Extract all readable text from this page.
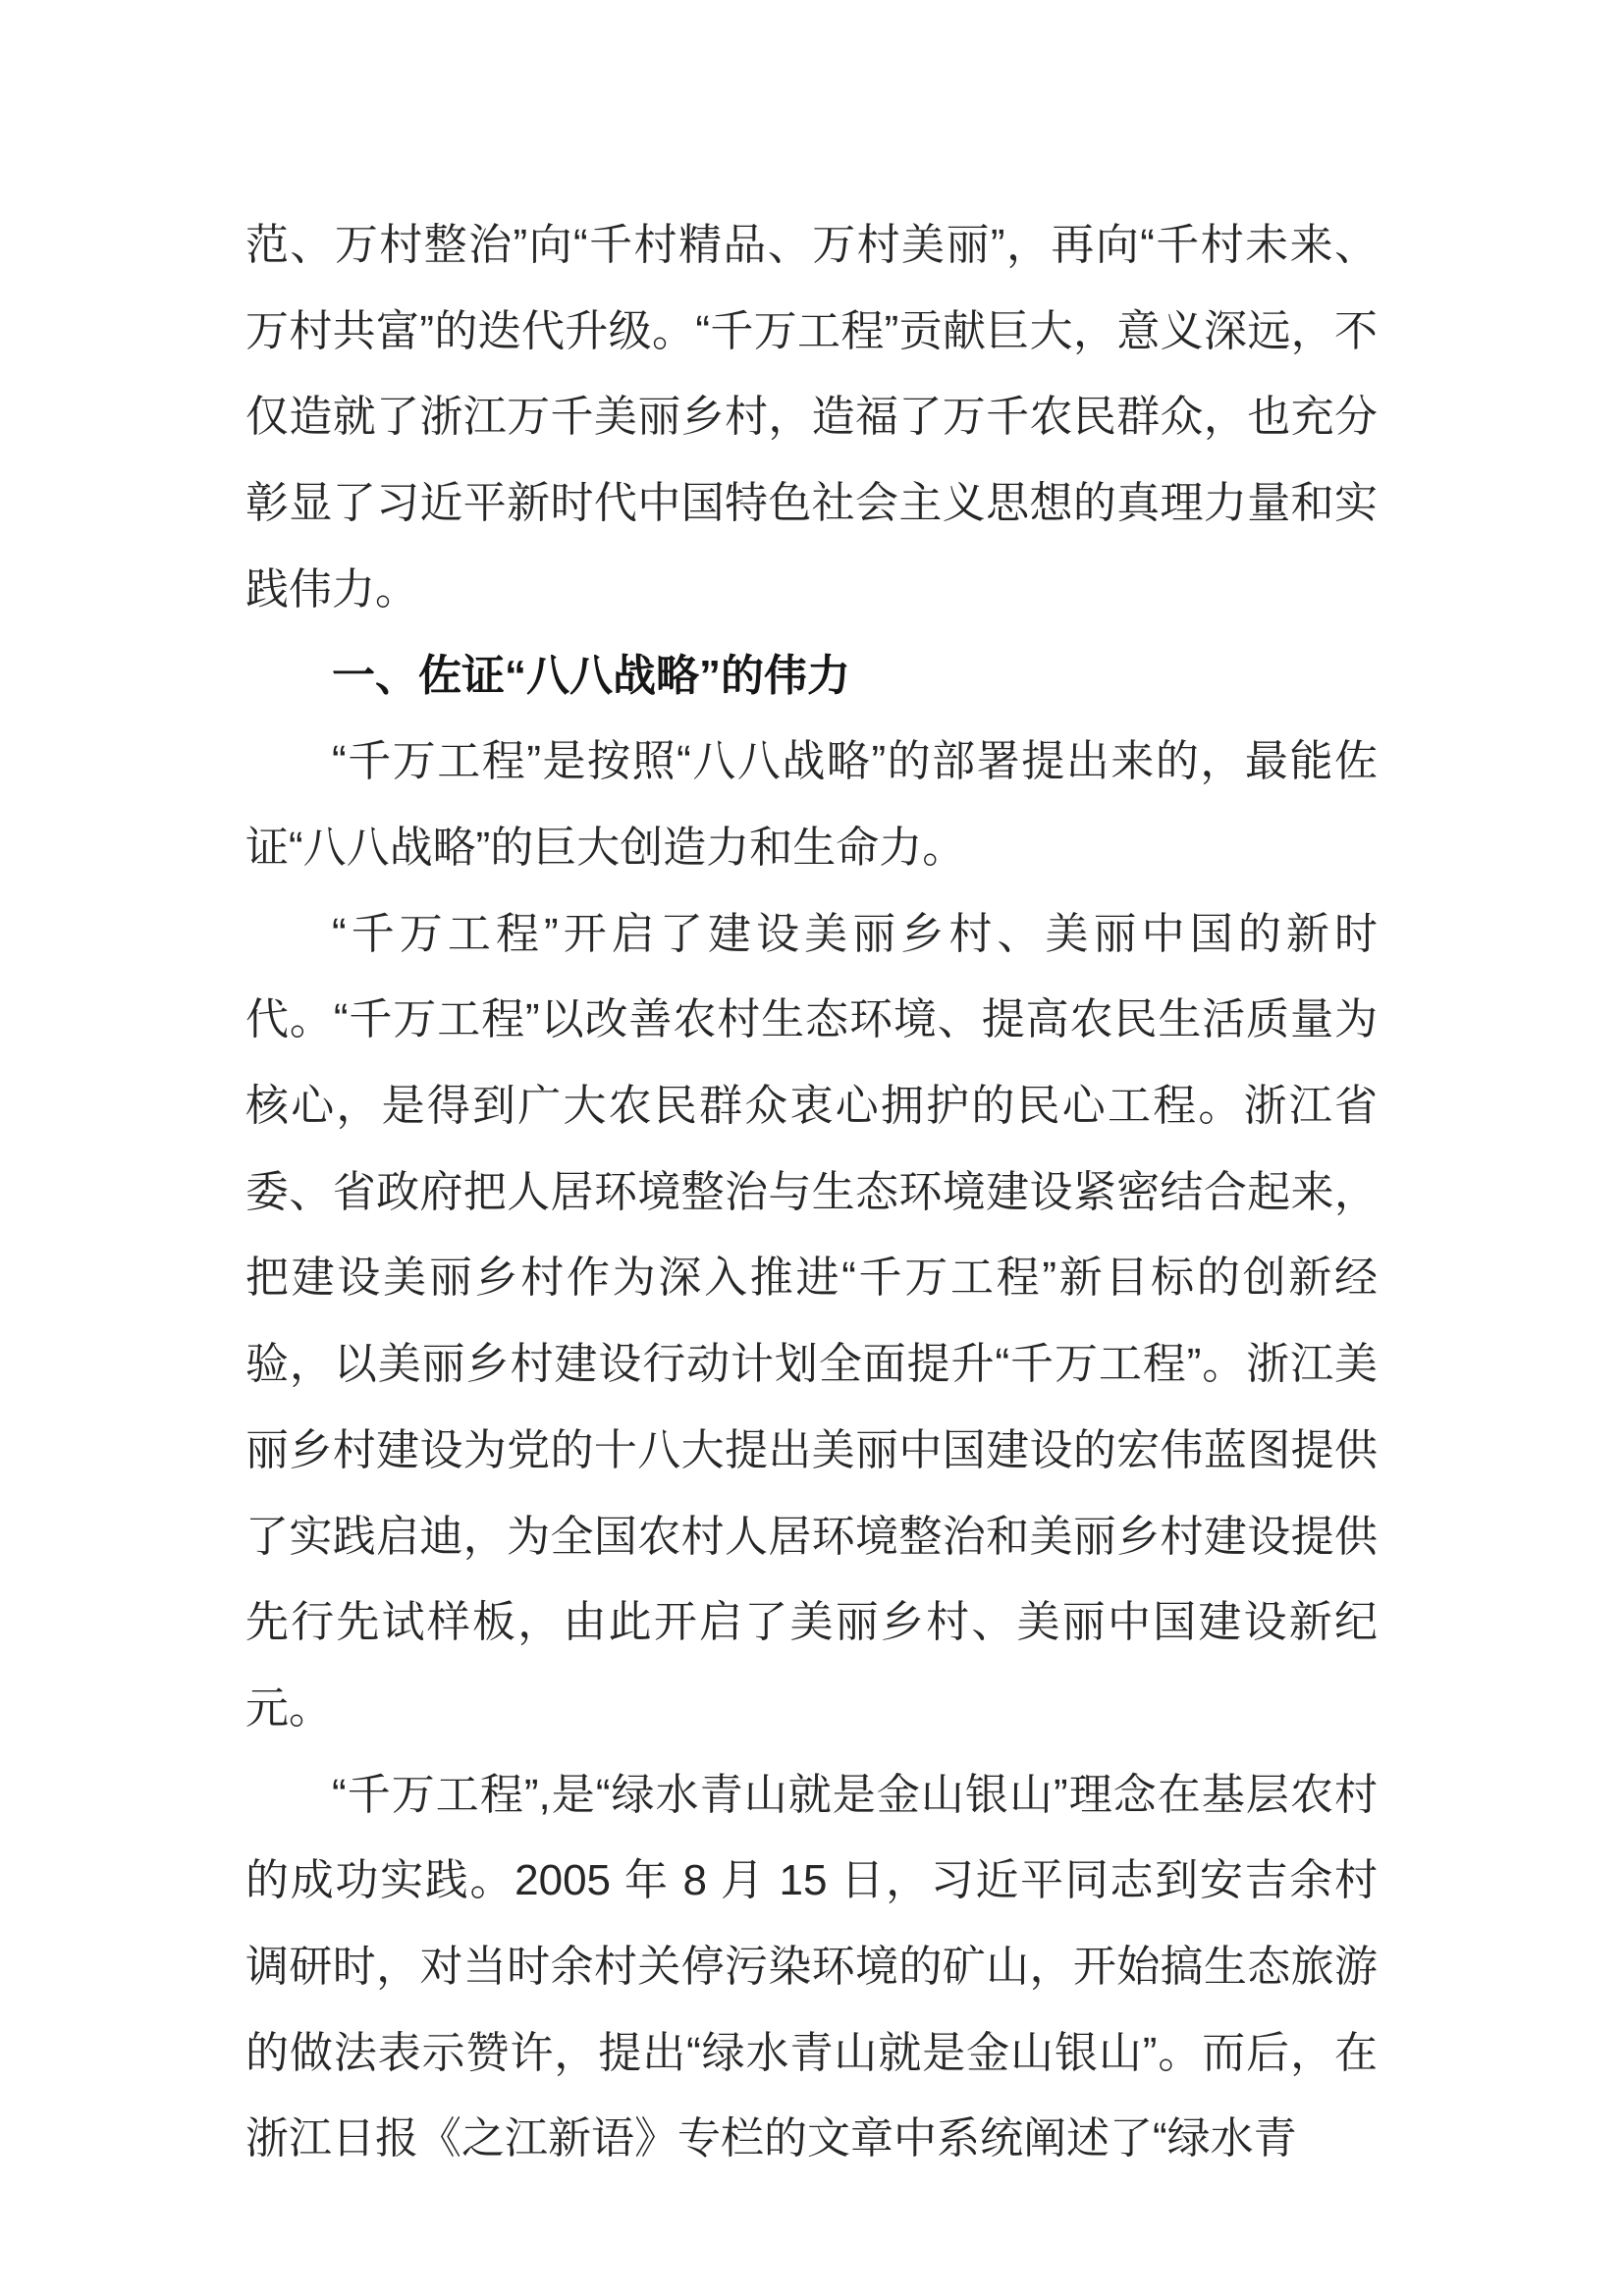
范、万村整治”向“千村精品、万村美丽”，再向“千村未来、万村共富”的迭代升级。“千万工程”贡献巨大，意义深远，不仅造就了浙江万千美丽乡村，造福了万千农民群众，也充分彰显了习近平新时代中国特色社会主义思想的真理力量和实践伟力。

一、佐证“八八战略”的伟力

“千万工程”是按照“八八战略”的部署提出来的，最能佐证“八八战略”的巨大创造力和生命力。

“千万工程”开启了建设美丽乡村、美丽中国的新时代。“千万工程”以改善农村生态环境、提高农民生活质量为核心，是得到广大农民群众衷心拥护的民心工程。浙江省委、省政府把人居环境整治与生态环境建设紧密结合起来，把建设美丽乡村作为深入推进“千万工程”新目标的创新经验，以美丽乡村建设行动计划全面提升“千万工程”。浙江美丽乡村建设为党的十八大提出美丽中国建设的宏伟蓝图提供了实践启迪，为全国农村人居环境整治和美丽乡村建设提供先行先试样板，由此开启了美丽乡村、美丽中国建设新纪元。

“千万工程”,是“绿水青山就是金山银山”理念在基层农村的成功实践。2005 年 8 月 15 日，习近平同志到安吉余村调研时，对当时余村关停污染环境的矿山，开始搞生态旅游的做法表示赞许，提出“绿水青山就是金山银山”。而后，在浙江日报《之江新语》专栏的文章中系统阐述了“绿水青
